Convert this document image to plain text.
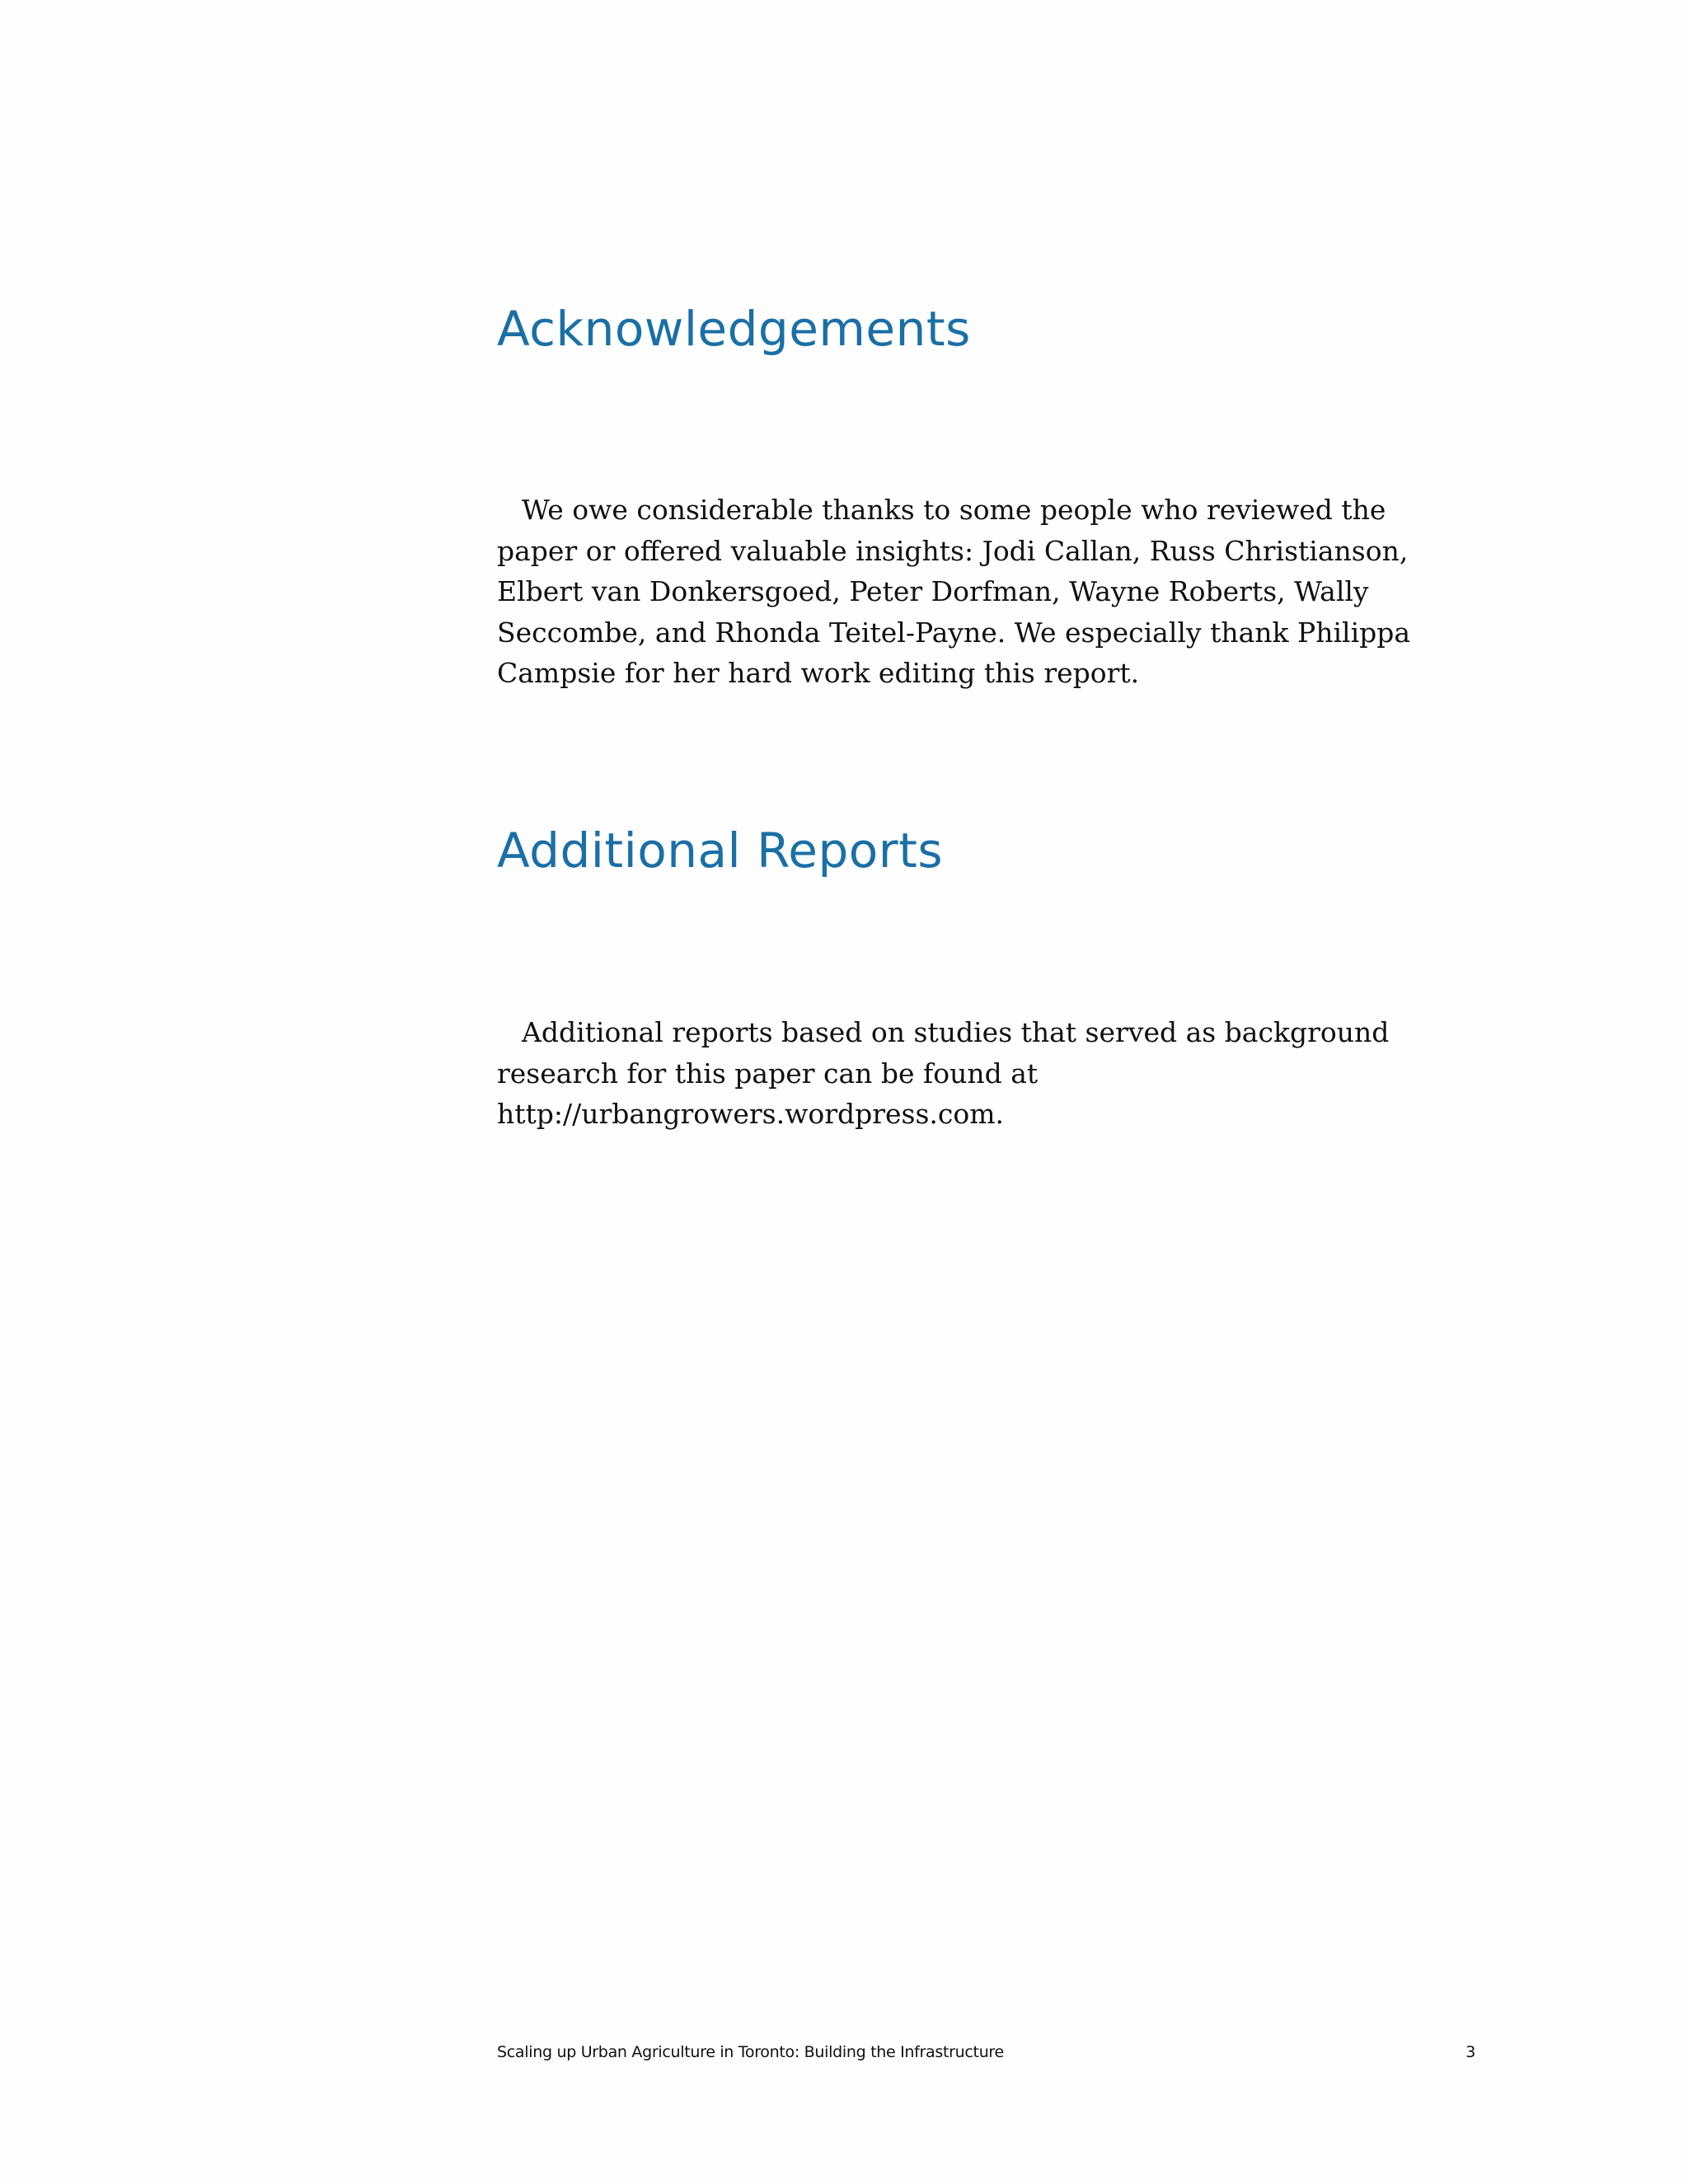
Acknowledgements

We owe considerable thanks to some people who reviewed the paper or offered valuable insights: Jodi Callan, Russ Christianson, Elbert van Donkersgoed, Peter Dorfman, Wayne Roberts, Wally Seccombe, and Rhonda Teitel-Payne. We especially thank Philippa Campsie for her hard work editing this report.

Additional Reports

Additional reports based on studies that served as background research for this paper can be found at http://urbangrowers.wordpress.com.

Scaling up Urban Agriculture in Toronto: Building the Infrastructure	3
